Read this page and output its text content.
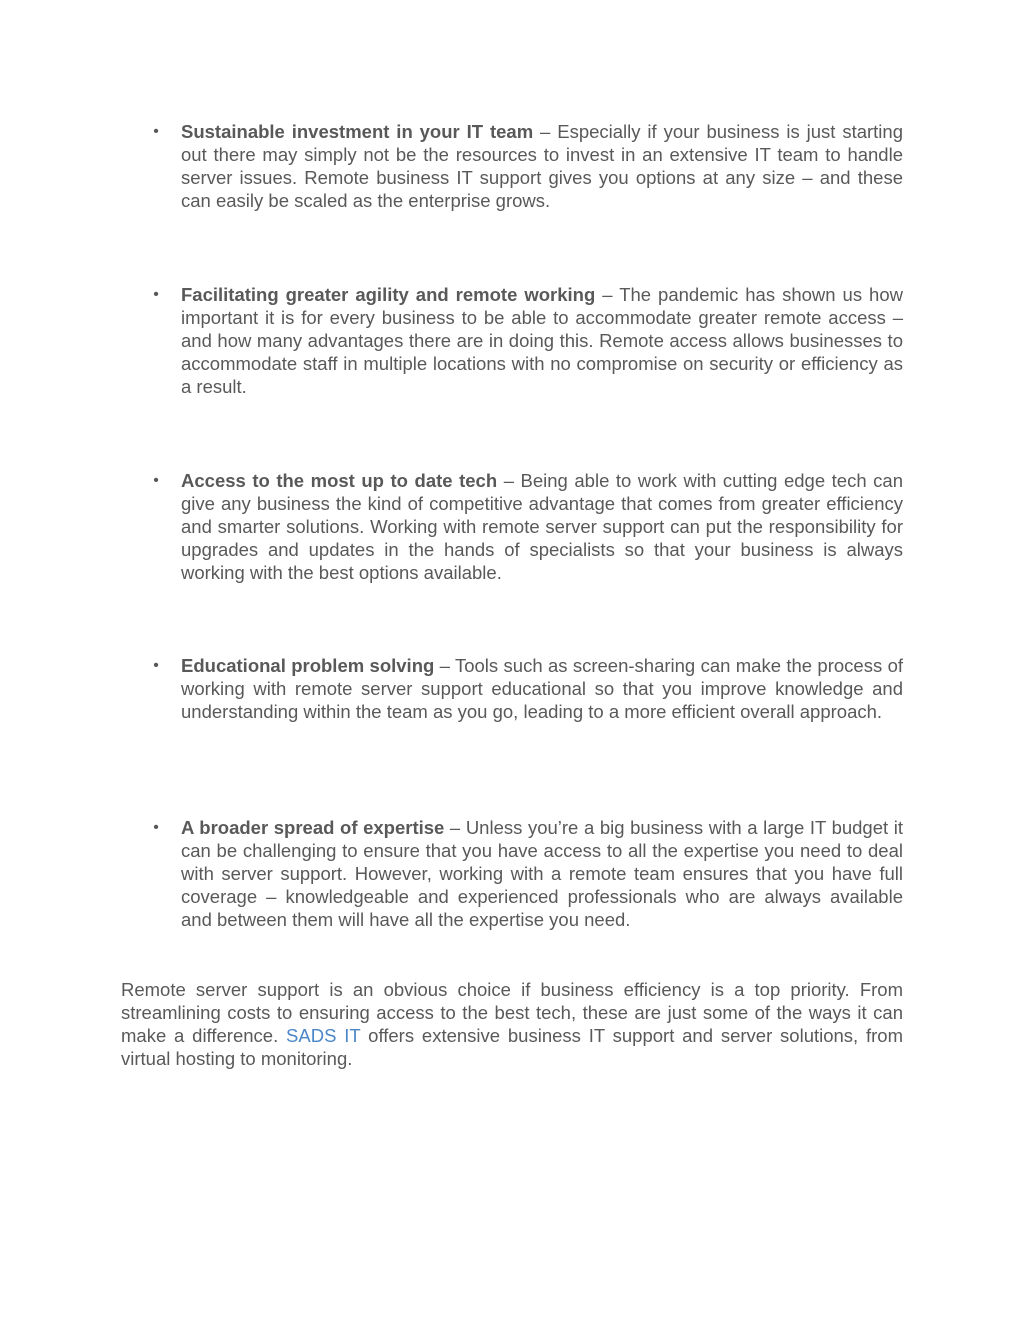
• Sustainable investment in your IT team – Especially if your business is just starting out there may simply not be the resources to invest in an extensive IT team to handle server issues. Remote business IT support gives you options at any size – and these can easily be scaled as the enterprise grows.
• Facilitating greater agility and remote working – The pandemic has shown us how important it is for every business to be able to accommodate greater remote access – and how many advantages there are in doing this. Remote access allows businesses to accommodate staff in multiple locations with no compromise on security or efficiency as a result.
• Access to the most up to date tech – Being able to work with cutting edge tech can give any business the kind of competitive advantage that comes from greater efficiency and smarter solutions. Working with remote server support can put the responsibility for upgrades and updates in the hands of specialists so that your business is always working with the best options available.
• Educational problem solving – Tools such as screen-sharing can make the process of working with remote server support educational so that you improve knowledge and understanding within the team as you go, leading to a more efficient overall approach.
• A broader spread of expertise – Unless you’re a big business with a large IT budget it can be challenging to ensure that you have access to all the expertise you need to deal with server support. However, working with a remote team ensures that you have full coverage – knowledgeable and experienced professionals who are always available and between them will have all the expertise you need.

Remote server support is an obvious choice if business efficiency is a top priority. From streamlining costs to ensuring access to the best tech, these are just some of the ways it can make a difference. SADS IT offers extensive business IT support and server solutions, from virtual hosting to monitoring.
